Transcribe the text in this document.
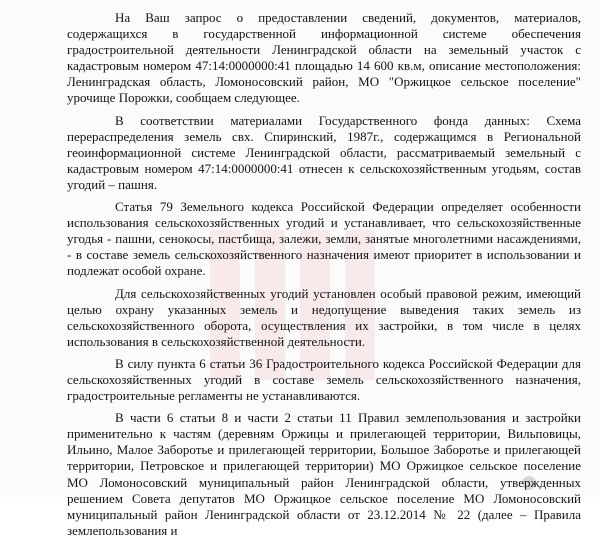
На Ваш запрос о предоставлении сведений, документов, материалов, содержащихся в государственной информационной системе обеспечения градостроительной деятельности Ленинградской области на земельный участок с кадастровым номером 47:14:0000000:41 площадью 14 600 кв.м, описание местоположения: Ленинградская область, Ломоносовский район, МО "Оржицкое сельское поселение" урочище Порожки, сообщаем следующее.

В соответствии материалами Государственного фонда данных: Схема перераспределения земель свх. Спиринский, 1987г., содержащимся в Региональной геоинформационной системе Ленинградской области, рассматриваемый земельный с кадастровым номером 47:14:0000000:41 отнесен к сельскохозяйственным угодьям, состав угодий – пашня.

Статья 79 Земельного кодекса Российской Федерации определяет особенности использования сельскохозяйственных угодий и устанавливает, что сельскохозяйственные угодья - пашни, сенокосы, пастбища, залежи, земли, занятые многолетними насаждениями, - в составе земель сельскохозяйственного назначения имеют приоритет в использовании и подлежат особой охране.

Для сельскохозяйственных угодий установлен особый правовой режим, имеющий целью охрану указанных земель и недопущение выведения таких земель из сельскохозяйственного оборота, осуществления их застройки, в том числе в целях использования в сельскохозяйственной деятельности.

В силу пункта 6 статьи 36 Градостроительного кодекса Российской Федерации для сельскохозяйственных угодий в составе земель сельскохозяйственного назначения, градостроительные регламенты не устанавливаются.

В части 6 статьи 8 и части 2 статьи 11 Правил землепользования и застройки применительно к частям (деревням Оржицы и прилегающей территории, Вильповицы, Ильино, Малое Заборотье и прилегающей территории, Большое Заборотье и прилегающей территории, Петровское и прилегающей территории) МО Оржицкое сельское поселение МО Ломоносовский муниципальный район Ленинградской области, утвержденных решением Совета депутатов МО Оржицкое сельское поселение МО Ломоносовский муниципальный район Ленинградской области от 23.12.2014 № 22 (далее – Правила землепользования и
